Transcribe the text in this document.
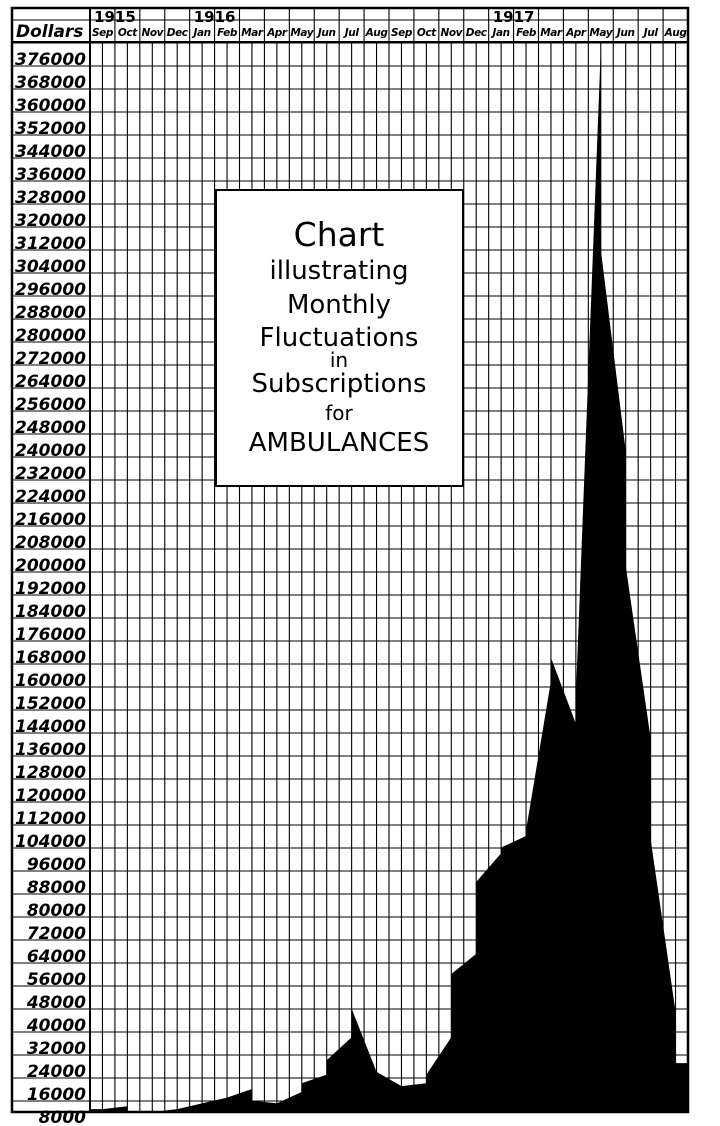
Sep Oct Nov Dec Jan Feb Mar Apr May Jun Jul Aug Sep Oct Nov Dec Jan Feb Mar Apr May Jun Jul Aug
1915	1916	1917
376000
368000
360000
352000
344000
336000
328000
320000
312000
304000
296000
288000
280000
272000
264000
256000
248000
240000
232000
224000
216000
208000
200000
192000
184000
176000
168000
160000
152000
144000
136000
128000
120000
112000
104000
96000
88000
80000
72000
64000
56000
48000
40000
32000
24000
16000
8000
Chart
illustrating
Monthly
Fluctuations
in
Subscriptions
for
AMBULANCES
Dollars
